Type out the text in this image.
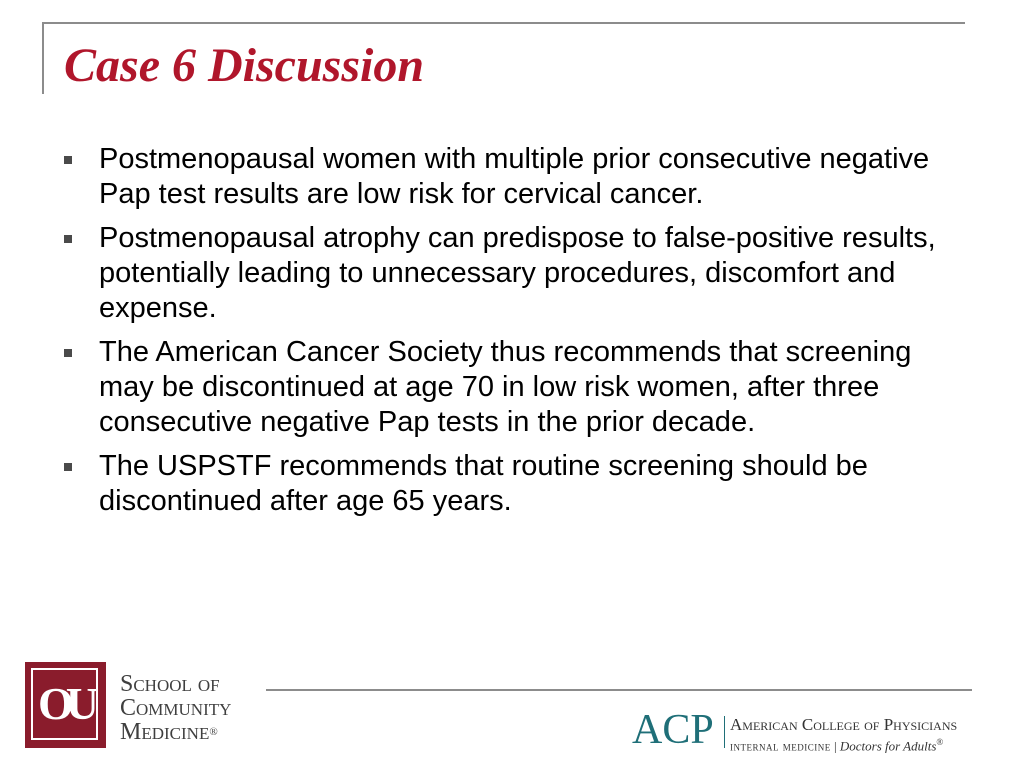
Case 6 Discussion
Postmenopausal women with multiple prior consecutive negative Pap test results are low risk for cervical cancer.
Postmenopausal atrophy can predispose to false-positive results, potentially leading to unnecessary procedures, discomfort and expense.
The American Cancer Society thus recommends that screening may be discontinued at age 70 in low risk women, after three consecutive negative Pap tests in the prior decade.
The USPSTF recommends that routine screening should be discontinued after age 65 years.
OU School of
Community
Medicine®	ACP American College of Physicians
internal medicine | Doctors for Adults®
